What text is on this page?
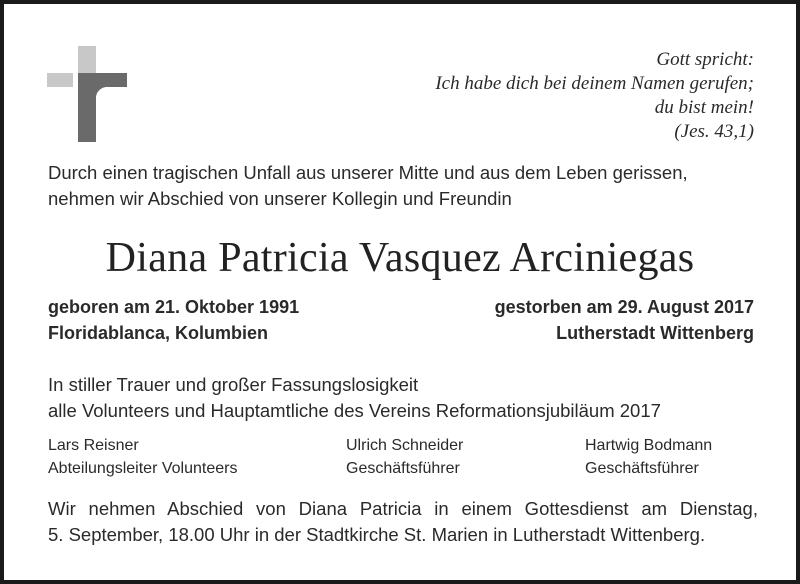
Gott spricht:
Ich habe dich bei deinem Namen gerufen;
du bist mein!
(Jes. 43,1)
Durch einen tragischen Unfall aus unserer Mitte und aus dem Leben gerissen,
nehmen wir Abschied von unserer Kollegin und Freundin
Diana Patricia Vasquez Arciniegas
geboren am 21. Oktober 1991
Floridablanca, Kolumbien
gestorben am 29. August 2017
Lutherstadt Wittenberg
In stiller Trauer und großer Fassungslosigkeit
alle Volunteers und Hauptamtliche des Vereins Reformationsjubiläum 2017
Lars Reisner
Abteilungsleiter Volunteers
Ulrich Schneider
Geschäftsführer
Hartwig Bodmann
Geschäftsführer
Wir nehmen Abschied von Diana Patricia in einem Gottesdienst am Dienstag,
5. September, 18.00 Uhr in der Stadtkirche St. Marien in Lutherstadt Wittenberg.
